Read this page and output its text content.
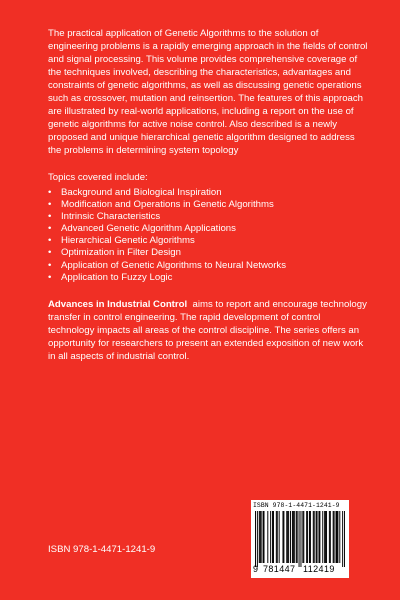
The practical application of Genetic Algorithms to the solution of engineering problems is a rapidly emerging approach in the fields of control and signal processing. This volume provides comprehensive coverage of the techniques involved, describing the characteristics, advantages and constraints of genetic algorithms, as well as discussing genetic operations such as crossover, mutation and reinsertion. The features of this approach are illustrated by real-world applications, including a report on the use of genetic algorithms for active noise control. Also described is a newly proposed and unique hierarchical genetic algorithm designed to address the problems in determining system topology

Topics covered include:

• Background and Biological Inspiration
• Modification and Operations in Genetic Algorithms
• Intrinsic Characteristics
• Advanced Genetic Algorithm Applications
• Hierarchical Genetic Algorithms
• Optimization in Filter Design
• Application of Genetic Algorithms to Neural Networks
• Application to Fuzzy Logic

Advances in Industrial Control aims to report and encourage technology transfer in control engineering. The rapid development of control technology impacts all areas of the control discipline. The series offers an opportunity for researchers to present an extended exposition of new work in all aspects of industrial control.

ISBN 978-1-4471-1241-9

ISBN 978-1-4471-1241-9
9 781447 112419
